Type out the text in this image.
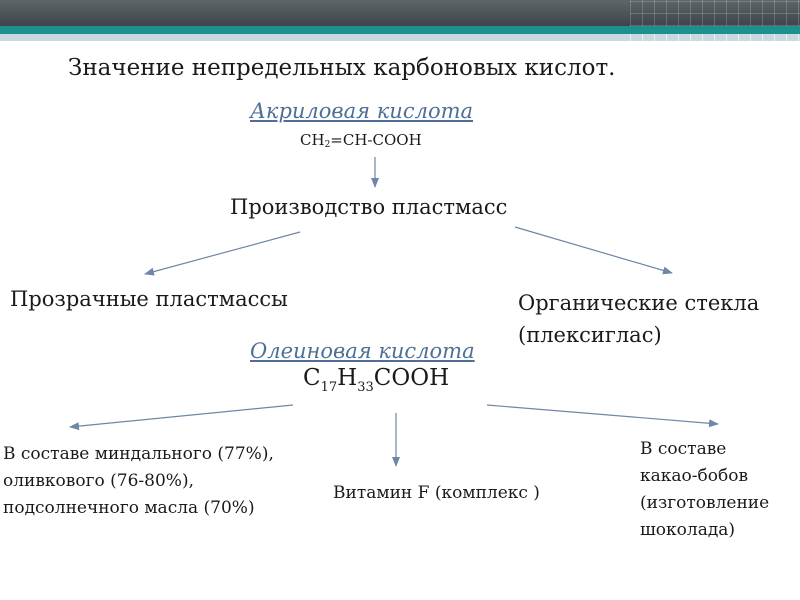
Значение непредельных карбоновых кислот.
Акриловая кислота
$CH_2=CH$-COOH
Производство пластмасс
Прозрачные пластмассы	Органические стекла
(плексиглас)
Олеиновая кислота
$C_{17}H_{33}COOH$
В составе миндального (77%),
оливкового (76-80%),
подсолнечного масла (70%)
Витамин F (комплекс )
В составе
какао-бобов
(изготовление
шоколада)
